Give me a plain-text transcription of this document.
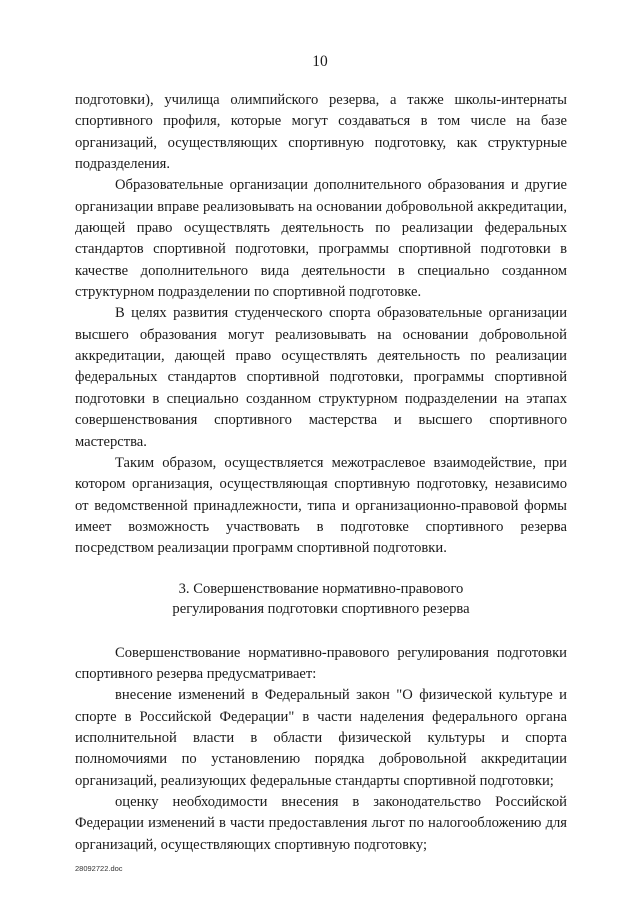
10

подготовки), училища олимпийского резерва, а также школы-интернаты спортивного профиля, которые могут создаваться в том числе на базе организаций, осуществляющих спортивную подготовку, как структурные подразделения.

Образовательные организации дополнительного образования и другие организации вправе реализовывать на основании добровольной аккредитации, дающей право осуществлять деятельность по реализации федеральных стандартов спортивной подготовки, программы спортивной подготовки в качестве дополнительного вида деятельности в специально созданном структурном подразделении по спортивной подготовке.

В целях развития студенческого спорта образовательные организации высшего образования могут реализовывать на основании добровольной аккредитации, дающей право осуществлять деятельность по реализации федеральных стандартов спортивной подготовки, программы спортивной подготовки в специально созданном структурном подразделении на этапах совершенствования спортивного мастерства и высшего спортивного мастерства.

Таким образом, осуществляется межотраслевое взаимодействие, при котором организация, осуществляющая спортивную подготовку, независимо от ведомственной принадлежности, типа и организационно-правовой формы имеет возможность участвовать в подготовке спортивного резерва посредством реализации программ спортивной подготовки.

3. Совершенствование нормативно-правового
регулирования подготовки спортивного резерва

Совершенствование нормативно-правового регулирования подготовки спортивного резерва предусматривает:

внесение изменений в Федеральный закон "О физической культуре и спорте в Российской Федерации" в части наделения федерального органа исполнительной власти в области физической культуры и спорта полномочиями по установлению порядка добровольной аккредитации организаций, реализующих федеральные стандарты спортивной подготовки;

оценку необходимости внесения в законодательство Российской Федерации изменений в части предоставления льгот по налогообложению для организаций, осуществляющих спортивную подготовку;

28092722.doc
